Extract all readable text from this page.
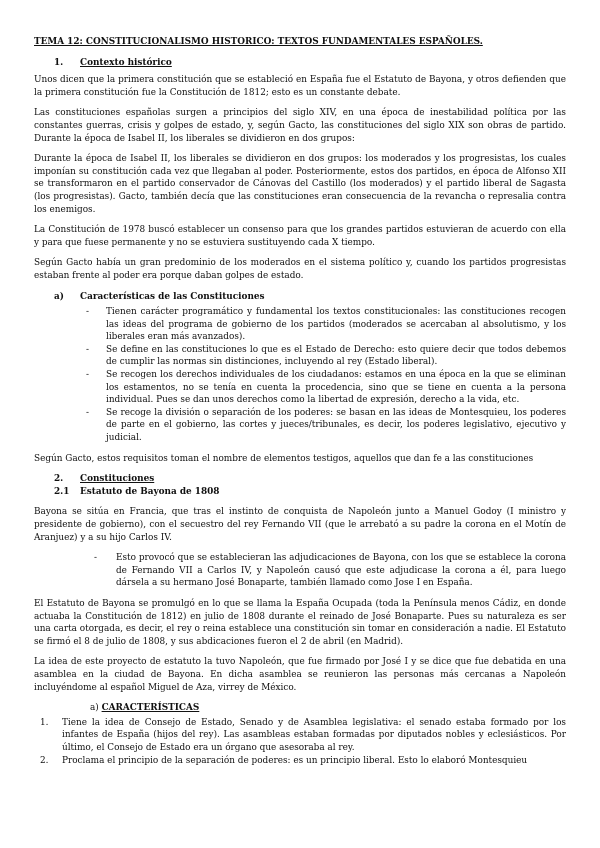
TEMA 12: CONSTITUCIONALISMO HISTORICO: TEXTOS FUNDAMENTALES ESPAÑOLES.
1.	Contexto histórico

Unos dicen que la primera constitución que se estableció en España fue el Estatuto de Bayona, y otros defienden que la primera constitución fue la Constitución de 1812; esto es un constante debate.

Las constituciones españolas surgen a principios del siglo XIV, en una época de inestabilidad política por las constantes guerras, crisis y golpes de estado, y, según Gacto, las constituciones del siglo XIX son obras de partido. Durante la época de Isabel II, los liberales se dividieron en dos grupos:

Durante la época de Isabel II, los liberales se dividieron en dos grupos: los moderados y los progresistas, los cuales imponían su constitución cada vez que llegaban al poder. Posteriormente, estos dos partidos, en época de Alfonso XII se transformaron en el partido conservador de Cánovas del Castillo (los moderados) y el partido liberal de Sagasta (los progresistas). Gacto, también decía que las constituciones eran consecuencia de la revancha o represalia contra los enemigos.

La Constitución de 1978 buscó establecer un consenso para que los grandes partidos estuvieran de acuerdo con ella y para que fuese permanente y no se estuviera sustituyendo cada X tiempo.

Según Gacto había un gran predominio de los moderados en el sistema político y, cuando los partidos progresistas estaban frente al poder era porque daban golpes de estado.

a)	Características de las Constituciones
- Tienen carácter programático y fundamental los textos constitucionales: las constituciones recogen las ideas del programa de gobierno de los partidos (moderados se acercaban al absolutismo, y los liberales eran más avanzados).
- Se define en las constituciones lo que es el Estado de Derecho: esto quiere decir que todos debemos de cumplir las normas sin distinciones, incluyendo al rey (Estado liberal).
- Se recogen los derechos individuales de los ciudadanos: estamos en una época en la que se eliminan los estamentos, no se tenía en cuenta la procedencia, sino que se tiene en cuenta a la persona individual. Pues se dan unos derechos como la libertad de expresión, derecho a la vida, etc.
- Se recoge la división o separación de los poderes: se basan en las ideas de Montesquieu, los poderes de parte en el gobierno, las cortes y jueces/tribunales, es decir, los poderes legislativo, ejecutivo y judicial.

Según Gacto, estos requisitos toman el nombre de elementos testigos, aquellos que dan fe a las constituciones

2.	Constituciones
2.1	Estatuto de Bayona de 1808

Bayona se sitúa en Francia, que tras el instinto de conquista de Napoleón junto a Manuel Godoy (I ministro y presidente de gobierno), con el secuestro del rey Fernando VII (que le arrebató a su padre la corona en el Motín de Aranjuez) y a su hijo Carlos IV.

- Esto provocó que se establecieran las adjudicaciones de Bayona, con los que se establece la corona de Fernando VII a Carlos IV, y Napoleón causó que este adjudicase la corona a él, para luego dársela a su hermano José Bonaparte, también llamado como Jose I en España.

El Estatuto de Bayona se promulgó en lo que se llama la España Ocupada (toda la Península menos Cádiz, en donde actuaba la Constitución de 1812) en julio de 1808 durante el reinado de José Bonaparte. Pues su naturaleza es ser una carta otorgada, es decir, el rey o reina establece una constitución sin tomar en consideración a nadie. El Estatuto se firmó el 8 de julio de 1808, y sus abdicaciones fueron el 2 de abril (en Madrid).

La idea de este proyecto de estatuto la tuvo Napoleón, que fue firmado por José I y se dice que fue debatida en una asamblea en la ciudad de Bayona. En dicha asamblea se reunieron las personas más cercanas a Napoleón incluyéndome al español Miguel de Aza, virrey de México.

a) CARACTERÍSTICAS
1. Tiene la idea de Consejo de Estado, Senado y de Asamblea legislativa: el senado estaba formado por los infantes de España (hijos del rey). Las asambleas estaban formadas por diputados nobles y eclesiásticos. Por último, el Consejo de Estado era un órgano que asesoraba al rey.
2. Proclama el principio de la separación de poderes: es un principio liberal. Esto lo elaboró Montesquieu
